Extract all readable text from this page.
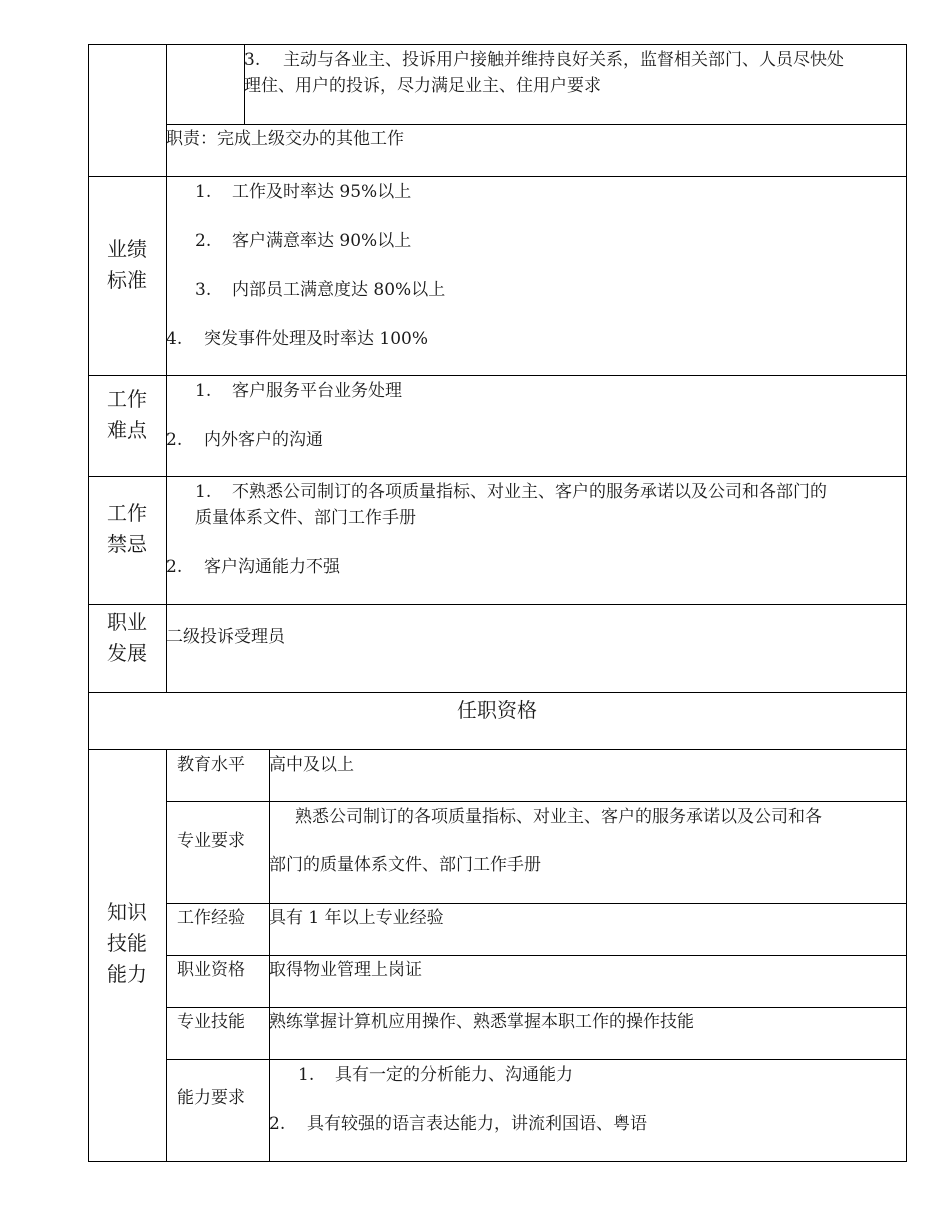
3. 主动与各业主、投诉用户接触并维持良好关系，监督相关部门、人员尽快处
理住、用户的投诉，尽力满足业主、住用户要求
职责：完成上级交办的其他工作
业绩
标准
1. 工作及时率达 95%以上
2. 客户满意率达 90%以上
3. 内部员工满意度达 80%以上
4. 突发事件处理及时率达 100%
工作
难点
1. 客户服务平台业务处理
2. 内外客户的沟通
工作
禁忌
1. 不熟悉公司制订的各项质量指标、对业主、客户的服务承诺以及公司和各部门的
质量体系文件、部门工作手册
2. 客户沟通能力不强
职业
发展
二级投诉受理员
任职资格
知识
技能
能力
教育水平 高中及以上
专业要求
熟悉公司制订的各项质量指标、对业主、客户的服务承诺以及公司和各
部门的质量体系文件、部门工作手册
工作经验 具有 1 年以上专业经验
职业资格 取得物业管理上岗证
专业技能 熟练掌握计算机应用操作、熟悉掌握本职工作的操作技能
能力要求
1. 具有一定的分析能力、沟通能力
2. 具有较强的语言表达能力，讲流利国语、粤语
